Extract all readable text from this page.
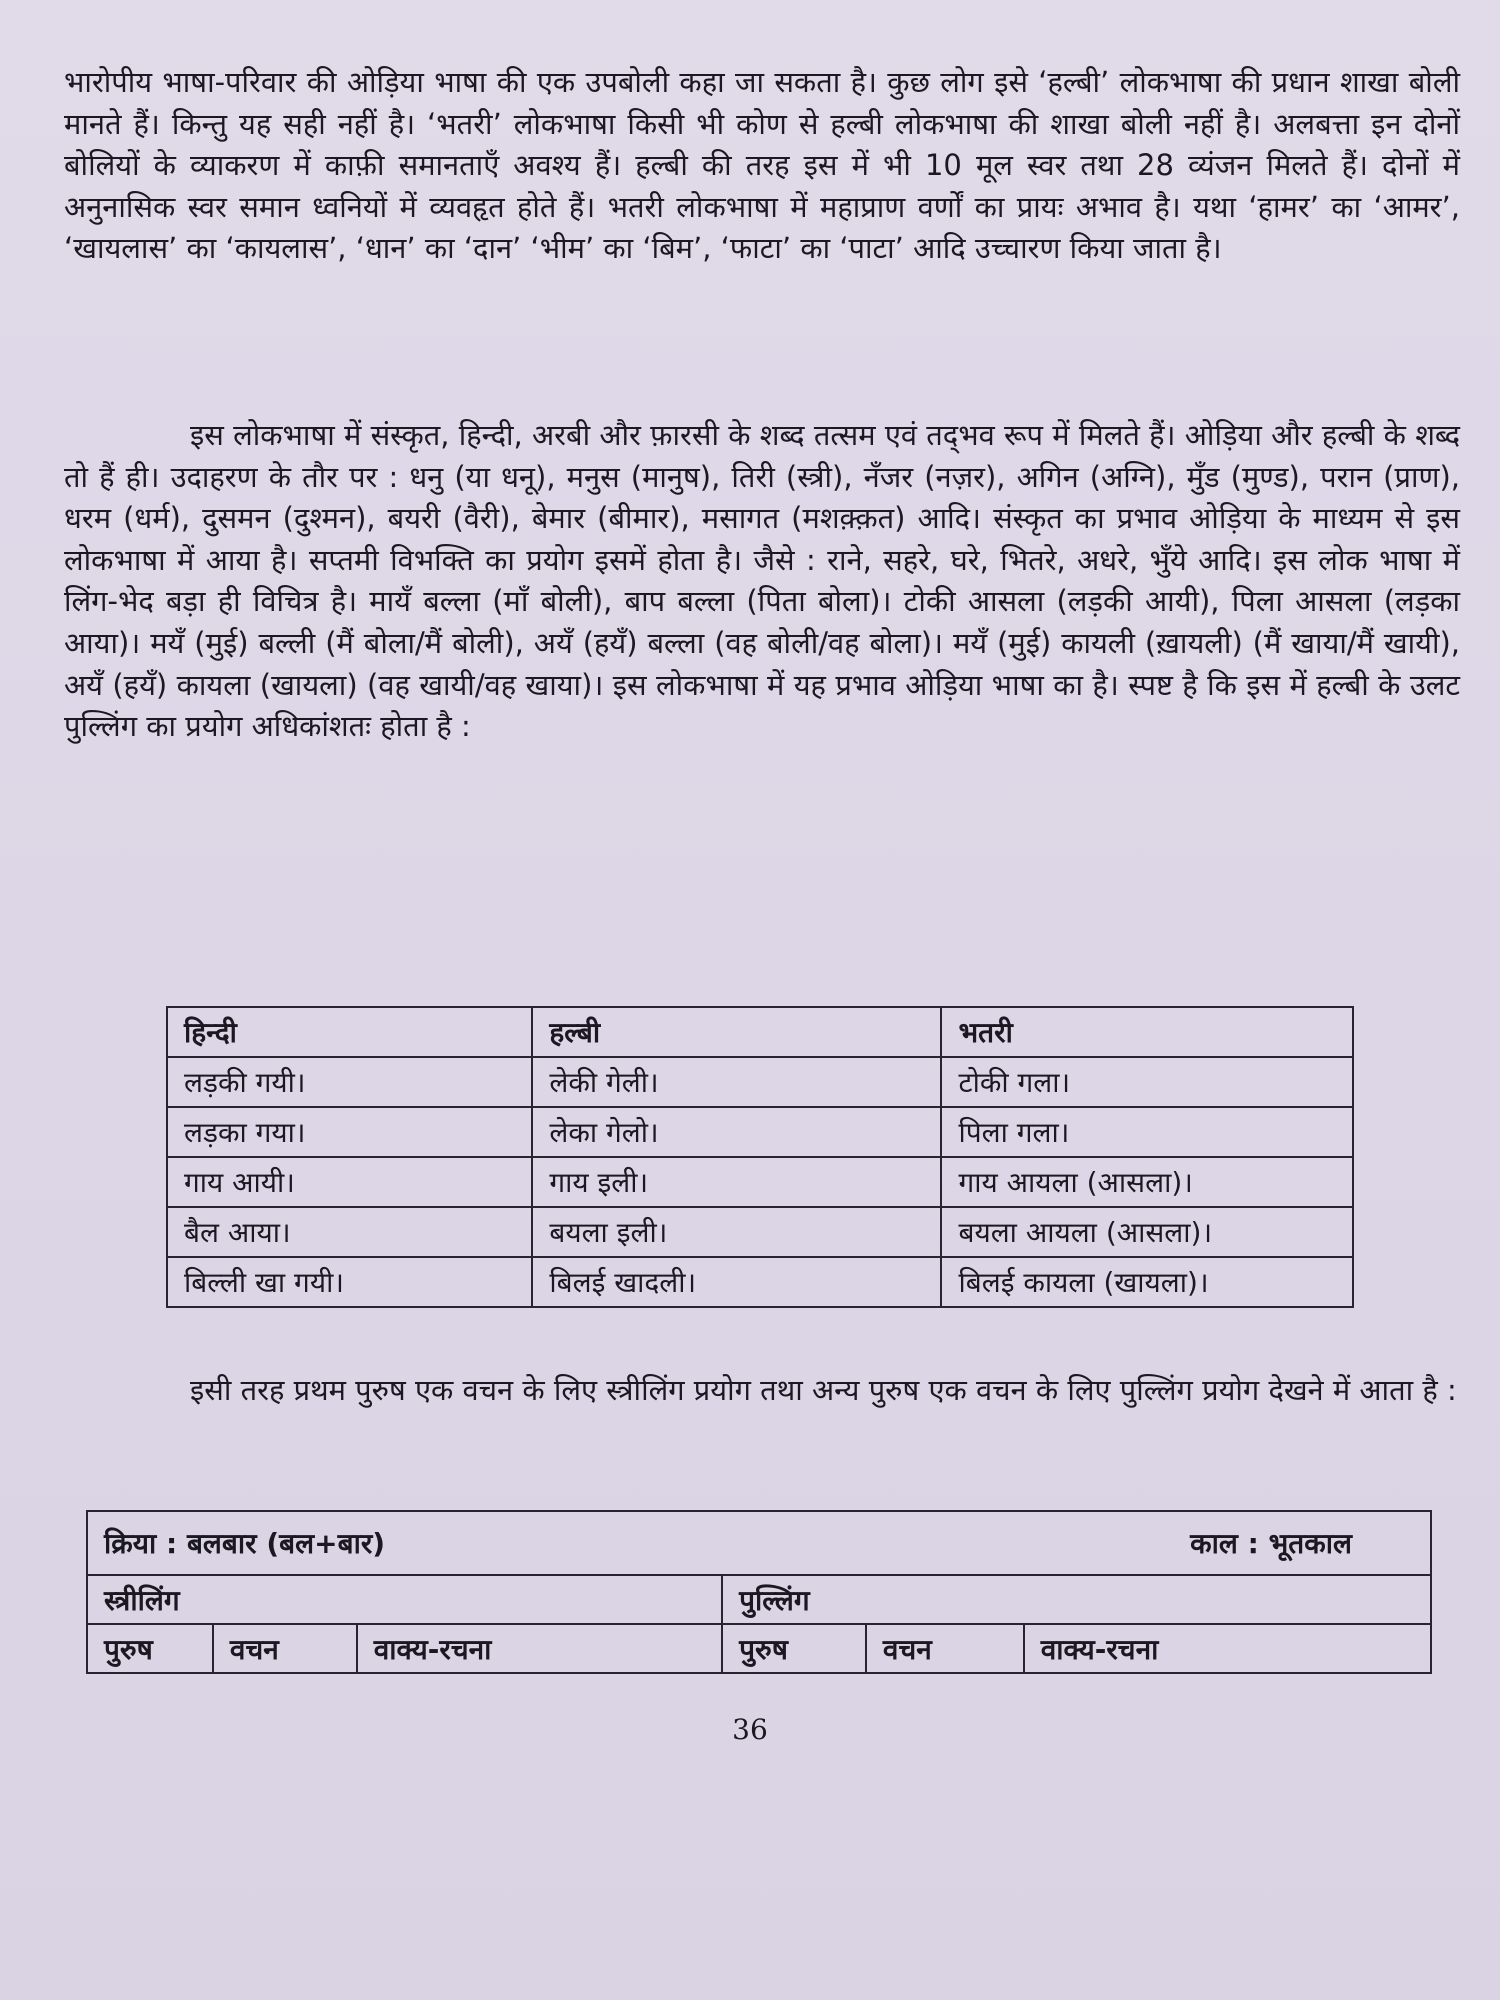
भारोपीय भाषा-परिवार की ओड़िया भाषा की एक उपबोली कहा जा सकता है। कुछ लोग इसे ‘हल्बी’ लोकभाषा की प्रधान शाखा बोली मानते हैं। किन्तु यह सही नहीं है। ‘भतरी’ लोकभाषा किसी भी कोण से हल्बी लोकभाषा की शाखा बोली नहीं है। अलबत्ता इन दोनों बोलियों के व्याकरण में काफ़ी समानताएँ अवश्य हैं। हल्बी की तरह इस में भी 10 मूल स्वर तथा 28 व्यंजन मिलते हैं। दोनों में अनुनासिक स्वर समान ध्वनियों में व्यवहृत होते हैं। भतरी लोकभाषा में महाप्राण वर्णों का प्रायः अभाव है। यथा ‘हामर’ का ‘आमर’, ‘खायलास’ का ‘कायलास’, ‘धान’ का ‘दान’ ‘भीम’ का ‘बिम’, ‘फाटा’ का ‘पाटा’ आदि उच्चारण किया जाता है।

इस लोकभाषा में संस्कृत, हिन्दी, अरबी और फ़ारसी के शब्द तत्सम एवं तद्‌भव रूप में मिलते हैं। ओड़िया और हल्बी के शब्द तो हैं ही। उदाहरण के तौर पर : धनु (या धनू), मनुस (मानुष), तिरी (स्त्री), नँजर (नज़र), अगिन (अग्नि), मुँड (मुण्ड), परान (प्राण), धरम (धर्म), दुसमन (दुश्मन), बयरी (वैरी), बेमार (बीमार), मसागत (मशक़्क़त) आदि। संस्कृत का प्रभाव ओड़िया के माध्यम से इस लोकभाषा में आया है। सप्तमी विभक्ति का प्रयोग इसमें होता है। जैसे : राने, सहरे, घरे, भितरे, अधरे, भुँये आदि। इस लोक भाषा में लिंग-भेद बड़ा ही विचित्र है। मायँ बल्ला (माँ बोली), बाप बल्ला (पिता बोला)। टोकी आसला (लड़की आयी), पिला आसला (लड़का आया)। मयँ (मुई) बल्ली (मैं बोला/मैं बोली), अयँ (हयँ) बल्ला (वह बोली/वह बोला)। मयँ (मुई) कायली (ख़ायली) (मैं खाया/मैं खायी), अयँ (हयँ) कायला (खायला) (वह खायी/वह खाया)। इस लोकभाषा में यह प्रभाव ओड़िया भाषा का है। स्पष्ट है कि इस में हल्बी के उलट पुल्लिंग का प्रयोग अधिकांशतः होता है :

हिन्दी	हल्बी	भतरी
लड़की गयी।	लेकी गेली।	टोकी गला।
लड़का गया।	लेका गेलो।	पिला गला।
गाय आयी।	गाय इली।	गाय आयला (आसला)।
बैल आया।	बयला इली।	बयला आयला (आसला)।
बिल्ली खा गयी।	बिलई खादली।	बिलई कायला (खायला)।

इसी तरह प्रथम पुरुष एक वचन के लिए स्त्रीलिंग प्रयोग तथा अन्य पुरुष एक वचन के लिए पुल्लिंग प्रयोग देखने में आता है :

क्रिया : बलबार (बल+बार) काल : भूतकाल					

स्त्रीलिंग			पुल्लिंग		
पुरुष	वचन	वाक्य-रचना	पुरुष	वचन	वाक्य-रचना
36
